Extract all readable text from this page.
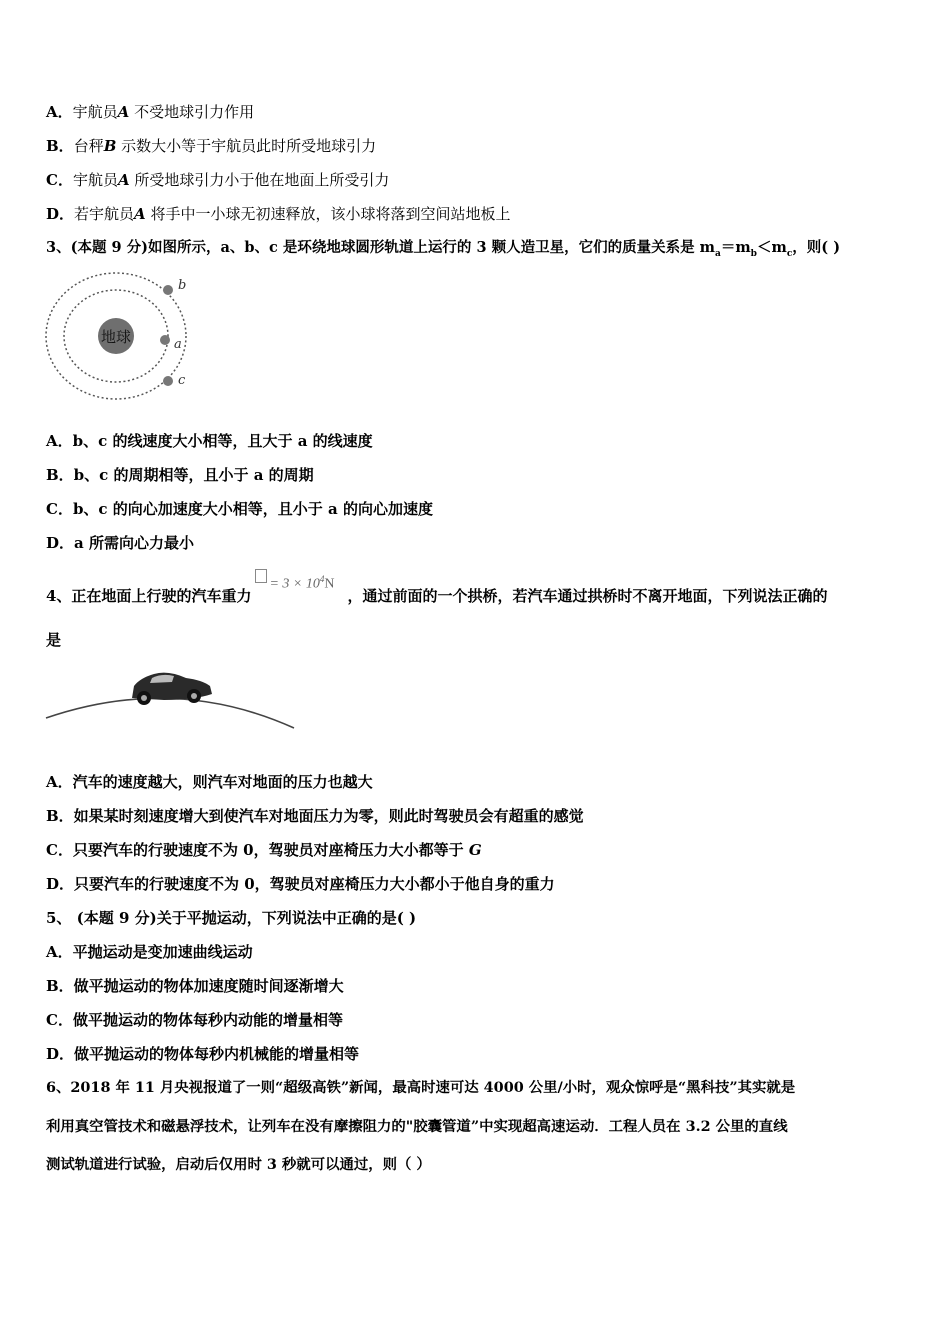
A．宇航员A 不受地球引力作用
B．台秤B 示数大小等于宇航员此时所受地球引力
C．宇航员A 所受地球引力小于他在地面上所受引力
D．若宇航员A 将手中一小球无初速释放，该小球将落到空间站地板上
3、(本题 9 分)如图所示，a、b、c 是环绕地球圆形轨道上运行的 3 颗人造卫星，它们的质量关系是 $m_a=m_b<m_c$，则( )
地球
b
a
c
A．b、c 的线速度大小相等，且大于 a 的线速度
B．b、c 的周期相等，且小于 a 的周期
C．b、c 的向心加速度大小相等，且小于 a 的向心加速度
D．a 所需向心力最小
4、正在地面上行驶的汽车重力
= $3 \times 10^4N$
，通过前面的一个拱桥，若汽车通过拱桥时不离开地面，下列说法正确的
是
A．汽车的速度越大，则汽车对地面的压力也越大
B．如果某时刻速度增大到使汽车对地面压力为零，则此时驾驶员会有超重的感觉
C．只要汽车的行驶速度不为 0，驾驶员对座椅压力大小都等于 G
D．只要汽车的行驶速度不为 0，驾驶员对座椅压力大小都小于他自身的重力
5、 (本题 9 分)关于平抛运动，下列说法中正确的是( )
A．平抛运动是变加速曲线运动
B．做平抛运动的物体加速度随时间逐渐增大
C．做平抛运动的物体每秒内动能的增量相等
D．做平抛运动的物体每秒内机械能的增量相等
6、2018 年 11 月央视报道了一则“超级高铁”新闻，最高时速可达 4000 公里/小时，观众惊呼是“黑科技”其实就是
利用真空管技术和磁悬浮技术，让列车在没有摩擦阻力的"胶囊管道”中实现超高速运动．工程人员在 3.2 公里的直线
测试轨道进行试验，启动后仅用时 3 秒就可以通过，则（ ）
